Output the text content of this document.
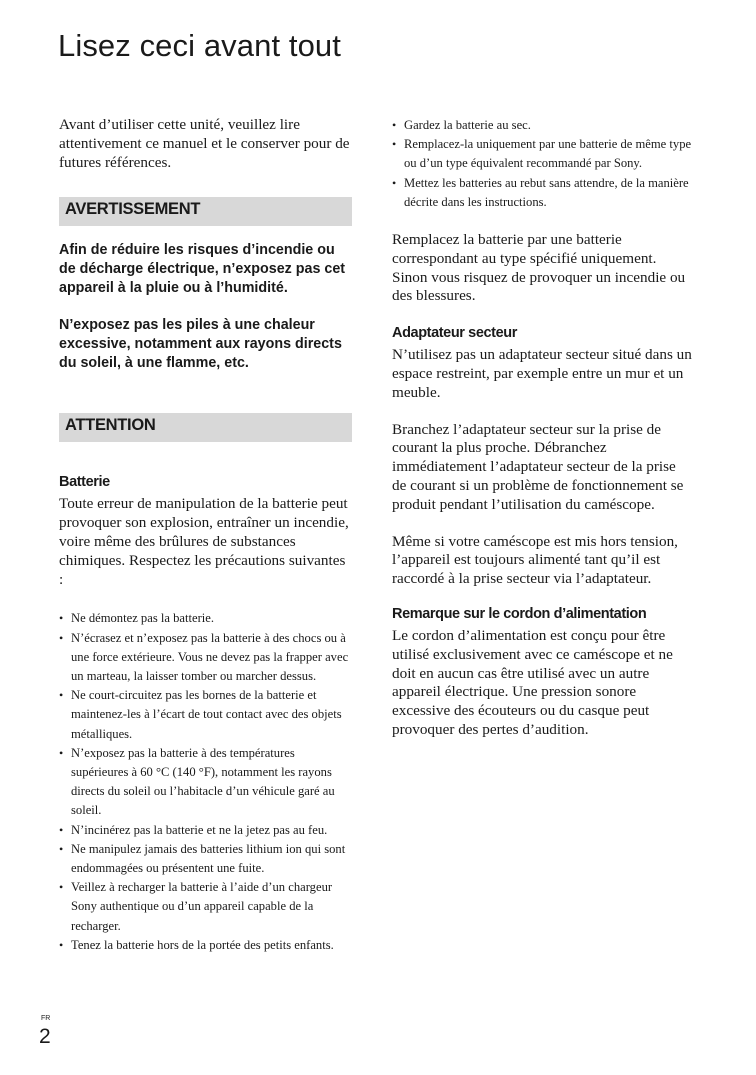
Lisez ceci avant tout

Avant d’utiliser cette unité, veuillez lire attentivement ce manuel et le conserver pour de futures références.

AVERTISSEMENT

Afin de réduire les risques d’incendie ou de décharge électrique, n’exposez pas cet appareil à la pluie ou à l’humidité.

N’exposez pas les piles à une chaleur excessive, notamment aux rayons directs du soleil, à une flamme, etc.

ATTENTION
Batterie

Toute erreur de manipulation de la batterie peut provoquer son explosion, entraîner un incendie, voire même des brûlures de substances chimiques. Respectez les précautions suivantes :

• Ne démontez pas la batterie.
• N’écrasez et n’exposez pas la batterie à des chocs ou à une force extérieure. Vous ne devez pas la frapper avec un marteau, la laisser tomber ou marcher dessus.
• Ne court-circuitez pas les bornes de la batterie et maintenez-les à l’écart de tout contact avec des objets métalliques.
• N’exposez pas la batterie à des températures supérieures à 60 °C (140 °F), notamment les rayons directs du soleil ou l’habitacle d’un véhicule garé au soleil.
• N’incinérez pas la batterie et ne la jetez pas au feu.
• Ne manipulez jamais des batteries lithium ion qui sont endommagées ou présentent une fuite.
• Veillez à recharger la batterie à l’aide d’un chargeur Sony authentique ou d’un appareil capable de la recharger.
• Tenez la batterie hors de la portée des petits enfants.
• Gardez la batterie au sec.
• Remplacez-la uniquement par une batterie de même type ou d’un type équivalent recommandé par Sony.
• Mettez les batteries au rebut sans attendre, de la manière décrite dans les instructions.

Remplacez la batterie par une batterie correspondant au type spécifié uniquement. Sinon vous risquez de provoquer un incendie ou des blessures.

Adaptateur secteur

N’utilisez pas un adaptateur secteur situé dans un espace restreint, par exemple entre un mur et un meuble.

Branchez l’adaptateur secteur sur la prise de courant la plus proche. Débranchez immédiatement l’adaptateur secteur de la prise de courant si un problème de fonctionnement se produit pendant l’utilisation du caméscope.

Même si votre caméscope est mis hors tension, l’appareil est toujours alimenté tant qu’il est raccordé à la prise secteur via l’adaptateur.

Remarque sur le cordon d’alimentation

Le cordon d’alimentation est conçu pour être utilisé exclusivement avec ce caméscope et ne doit en aucun cas être utilisé avec un autre appareil électrique. Une pression sonore excessive des écouteurs ou du casque peut provoquer des pertes d’audition.

FR
2
